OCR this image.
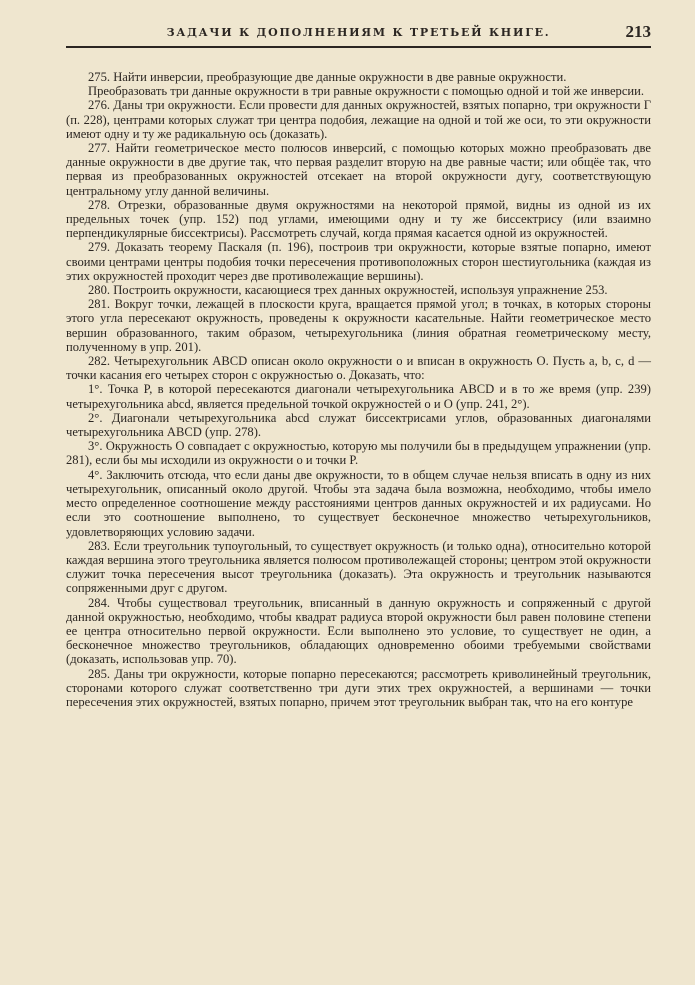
ЗАДАЧИ К ДОПОЛНЕНИЯМ К ТРЕТЬЕЙ КНИГЕ.	213

275. Найти инверсии, преобразующие две данные окружности в две равные окружности.

Преобразовать три данные окружности в три равные окружности с помощью одной и той же инверсии.

276. Даны три окружности. Если провести для данных окружностей, взятых попарно, три окружности Г (п. 228), центрами которых служат три центра подобия, лежащие на одной и той же оси, то эти окружности имеют одну и ту же радикальную ось (доказать).

277. Найти геометрическое место полюсов инверсий, с помощью которых можно преобразовать две данные окружности в две другие так, что первая разделит вторую на две равные части; или общёе так, что первая из преобразованных окружностей отсекает на второй окружности дугу, соответствующую центральному углу данной величины.

278. Отрезки, образованные двумя окружностями на некоторой прямой, видны из одной из их предельных точек (упр. 152) под углами, имеющими одну и ту же биссектрису (или взаимно перпендикулярные биссектрисы). Рассмотреть случай, когда прямая касается одной из окружностей.

279. Доказать теорему Паскаля (п. 196), построив три окружности, которые взятые попарно, имеют своими центрами центры подобия точки пересечения противоположных сторон шестиугольника (каждая из этих окружностей проходит через две противолежащие вершины).

280. Построить окружности, касающиеся трех данных окружностей, используя упражнение 253.

281. Вокруг точки, лежащей в плоскости круга, вращается прямой угол; в точках, в которых стороны этого угла пересекают окружность, проведены к окружности касательные. Найти геометрическое место вершин образованного, таким образом, четырехугольника (линия обратная геометрическому месту, полученному в упр. 201).

282. Четырехугольник ABCD описан около окружности o и вписан в окружность O. Пусть a, b, c, d — точки касания его четырех сторон с окружностью o. Доказать, что:

1°. Точка P, в которой пересекаются диагонали четырехугольника ABCD и в то же время (упр. 239) четырехугольника abcd, является предельной точкой окружностей o и O (упр. 241, 2°).

2°. Диагонали четырехугольника abcd служат биссектрисами углов, образованных диагоналями четырехугольника ABCD (упр. 278).

3°. Окружность O совпадает с окружностью, которую мы получили бы в предыдущем упражнении (упр. 281), если бы мы исходили из окружности o и точки P.

4°. Заключить отсюда, что если даны две окружности, то в общем случае нельзя вписать в одну из них четырехугольник, описанный около другой. Чтобы эта задача была возможна, необходимо, чтобы имело место определенное соотношение между расстояниями центров данных окружностей и их радиусами. Но если это соотношение выполнено, то существует бесконечное множество четырехугольников, удовлетворяющих условию задачи.

283. Если треугольник тупоугольный, то существует окружность (и только одна), относительно которой каждая вершина этого треугольника является полюсом противолежащей стороны; центром этой окружности служит точка пересечения высот треугольника (доказать). Эта окружность и треугольник называются сопряженными друг с другом.

284. Чтобы существовал треугольник, вписанный в данную окружность и сопряженный с другой данной окружностью, необходимо, чтобы квадрат радиуса второй окружности был равен половине степени ее центра относительно первой окружности. Если выполнено это условие, то существует не один, а бесконечное множество треугольников, обладающих одновременно обоими требуемыми свойствами (доказать, использовав упр. 70).

285. Даны три окружности, которые попарно пересекаются; рассмотреть криволинейный треугольник, сторонами которого служат соответственно три дуги этих трех окружностей, а вершинами — точки пересечения этих окружностей, взятых попарно, причем этот треугольник выбран так, что на его контуре
